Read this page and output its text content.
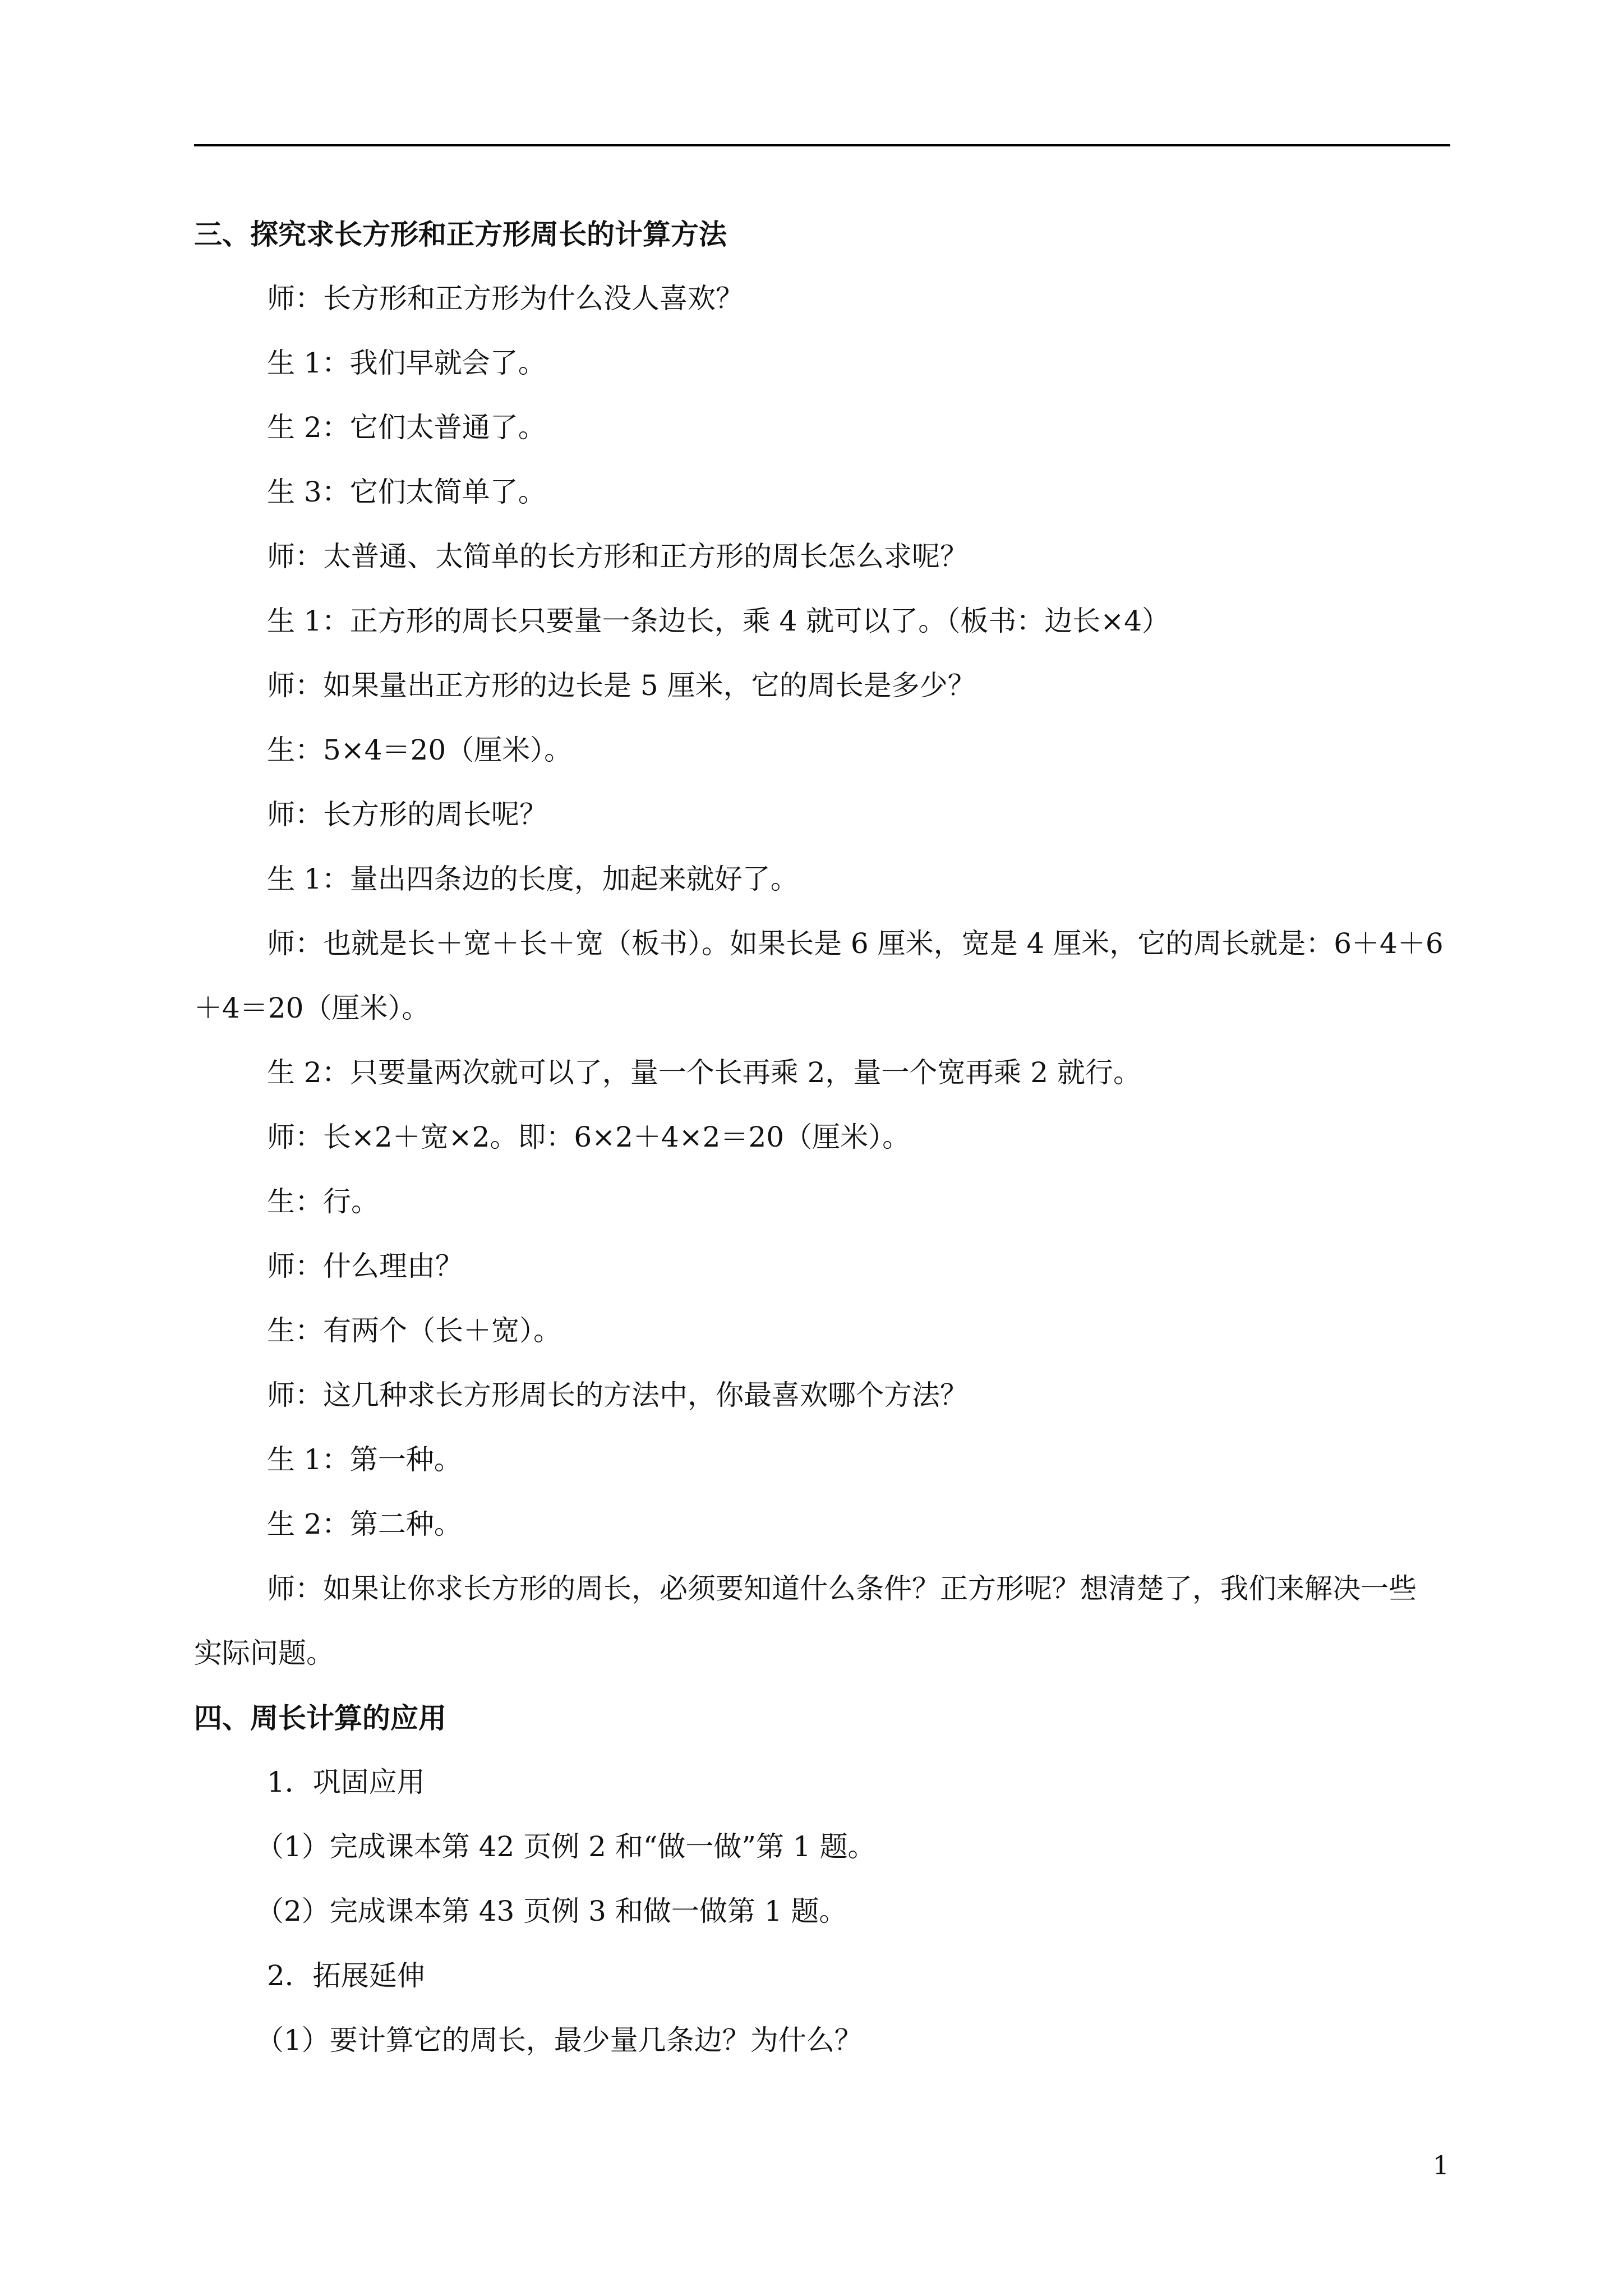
三、探究求长方形和正方形周长的计算方法
师：长方形和正方形为什么没人喜欢？
生 1：我们早就会了。
生 2：它们太普通了。
生 3：它们太简单了。
师：太普通、太简单的长方形和正方形的周长怎么求呢？
生 1：正方形的周长只要量一条边长，乘 4 就可以了。（板书：边长×4）
师：如果量出正方形的边长是 5 厘米，它的周长是多少？
生：5×4＝20（厘米）。
师：长方形的周长呢？
生 1：量出四条边的长度，加起来就好了。
师：也就是长＋宽＋长＋宽（板书）。如果长是 6 厘米，宽是 4 厘米，它的周长就是：6＋4＋6
＋4＝20（厘米）。
生 2：只要量两次就可以了，量一个长再乘 2，量一个宽再乘 2 就行。
师：长×2＋宽×2。即：6×2＋4×2＝20（厘米）。
生：行。
师：什么理由？
生：有两个（长＋宽）。
师：这几种求长方形周长的方法中，你最喜欢哪个方法？
生 1：第一种。
生 2：第二种。
师：如果让你求长方形的周长，必须要知道什么条件？正方形呢？想清楚了，我们来解决一些
实际问题。
四、周长计算的应用
1．巩固应用
（1）完成课本第 42 页例 2 和“做一做”第 1 题。
（2）完成课本第 43 页例 3 和做一做第 1 题。
2．拓展延伸
（1）要计算它的周长，最少量几条边？为什么？
1
